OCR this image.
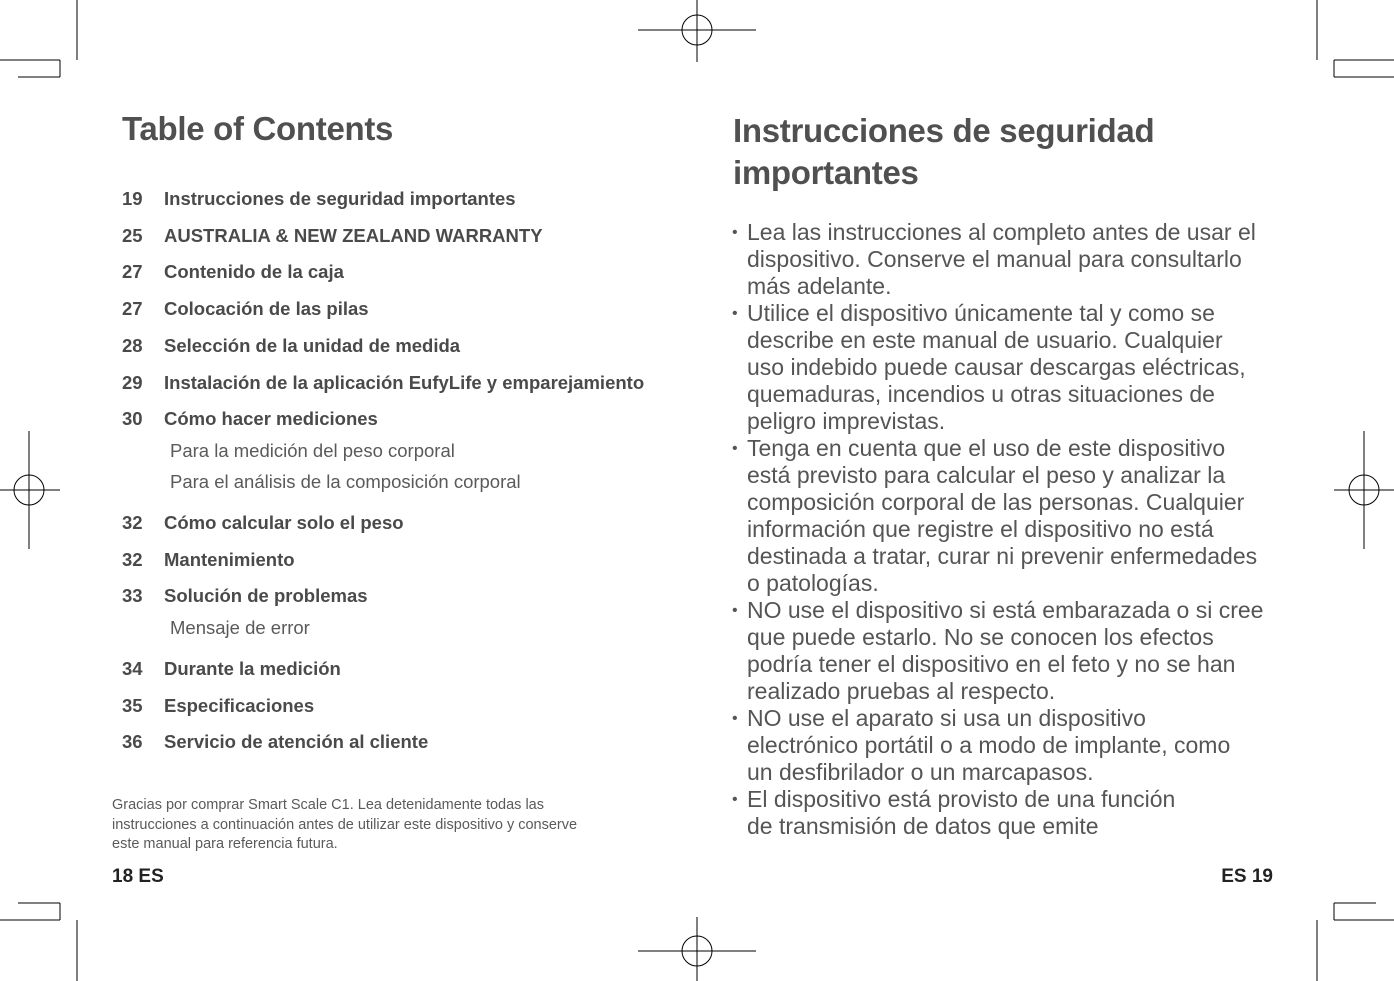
Table of Contents
19 Instrucciones de seguridad importantes
25 AUSTRALIA & NEW ZEALAND WARRANTY
27 Contenido de la caja
27 Colocación de las pilas
28 Selección de la unidad de medida
29 Instalación de la aplicación EufyLife y emparejamiento
30 Cómo hacer mediciones
Para la medición del peso corporal
Para el análisis de la composición corporal
32 Cómo calcular solo el peso
32 Mantenimiento
33 Solución de problemas
Mensaje de error
34 Durante la medición
35 Especificaciones
36 Servicio de atención al cliente

Gracias por comprar Smart Scale C1. Lea detenidamente todas las
instrucciones a continuación antes de utilizar este dispositivo y conserve
este manual para referencia futura.

18 ES
Instrucciones de seguridad
importantes
• Lea las instrucciones al completo antes de usar el
dispositivo. Conserve el manual para consultarlo
más adelante.
• Utilice el dispositivo únicamente tal y como se
describe en este manual de usuario. Cualquier
uso indebido puede causar descargas eléctricas,
quemaduras, incendios u otras situaciones de
peligro imprevistas.
• Tenga en cuenta que el uso de este dispositivo
está previsto para calcular el peso y analizar la
composición corporal de las personas. Cualquier
información que registre el dispositivo no está
destinada a tratar, curar ni prevenir enfermedades
o patologías.
• NO use el dispositivo si está embarazada o si cree
que puede estarlo. No se conocen los efectos
podría tener el dispositivo en el feto y no se han
realizado pruebas al respecto.
• NO use el aparato si usa un dispositivo
electrónico portátil o a modo de implante, como
un desfibrilador o un marcapasos.
• El dispositivo está provisto de una función
de transmisión de datos que emite
ES 19
